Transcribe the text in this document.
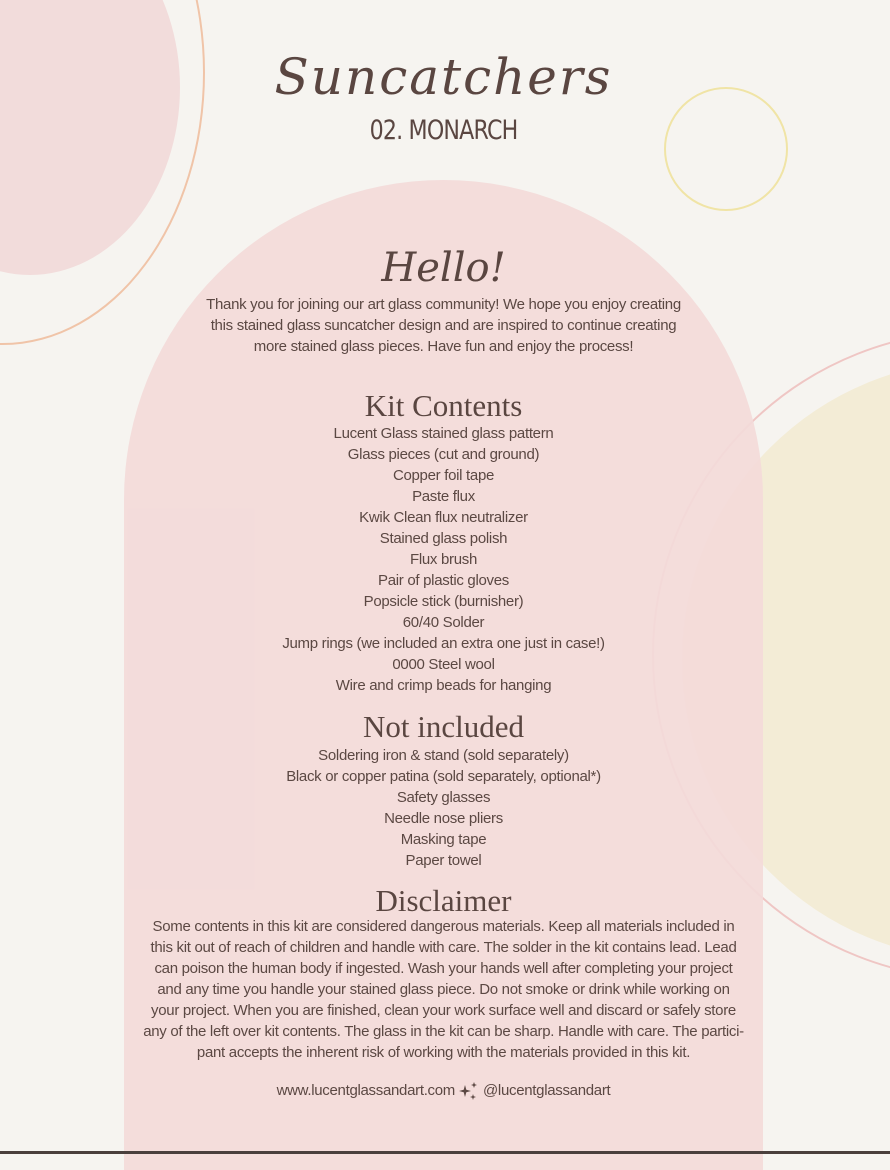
Suncatchers
02. MONARCH
Hello!
Thank you for joining our art glass community! We hope you enjoy creating
this stained glass suncatcher design and are inspired to continue creating
more stained glass pieces. Have fun and enjoy the process!
Kit Contents
Lucent Glass stained glass pattern
Glass pieces (cut and ground)
Copper foil tape
Paste flux
Kwik Clean flux neutralizer
Stained glass polish
Flux brush
Pair of plastic gloves
Popsicle stick (burnisher)
60/40 Solder
Jump rings (we included an extra one just in case!)
0000 Steel wool
Wire and crimp beads for hanging
Not included
Soldering iron & stand (sold separately)
Black or copper patina (sold separately, optional*)
Safety glasses
Needle nose pliers
Masking tape
Paper towel
Disclaimer
Some contents in this kit are considered dangerous materials. Keep all materials included in
this kit out of reach of children and handle with care. The solder in the kit contains lead. Lead
can poison the human body if ingested. Wash your hands well after completing your project
and any time you handle your stained glass piece. Do not smoke or drink while working on
your project. When you are finished, clean your work surface well and discard or safely store
any of the left over kit contents. The glass in the kit can be sharp. Handle with care. The partici-
pant accepts the inherent risk of working with the materials provided in this kit.
www.lucentglassandart.com @lucentglassandart
